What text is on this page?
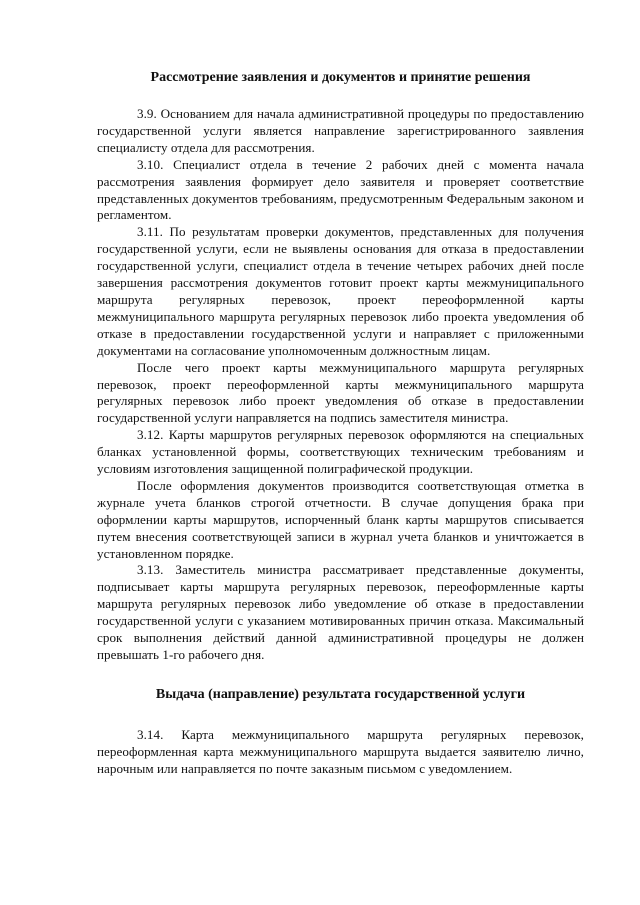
Рассмотрение заявления и документов и принятие решения

3.9. Основанием для начала административной процедуры по предоставлению государственной услуги является направление зарегистрированного заявления специалисту отдела для рассмотрения.

3.10. Специалист отдела в течение 2 рабочих дней с момента начала рассмотрения заявления формирует дело заявителя и проверяет соответствие представленных документов требованиям, предусмотренным Федеральным законом и регламентом.

3.11. По результатам проверки документов, представленных для получения государственной услуги, если не выявлены основания для отказа в предоставлении государственной услуги, специалист отдела в течение четырех рабочих дней после завершения рассмотрения документов готовит проект карты межмуниципального маршрута регулярных перевозок, проект переоформленной карты межмуниципального маршрута регулярных перевозок либо проекта уведомления об отказе в предоставлении государственной услуги и направляет с приложенными документами на согласование уполномоченным должностным лицам.

После чего проект карты межмуниципального маршрута регулярных перевозок, проект переоформленной карты межмуниципального маршрута регулярных перевозок либо проект уведомления об отказе в предоставлении государственной услуги направляется на подпись заместителя министра.

3.12. Карты маршрутов регулярных перевозок оформляются на специальных бланках установленной формы, соответствующих техническим требованиям и условиям изготовления защищенной полиграфической продукции.

После оформления документов производится соответствующая отметка в журнале учета бланков строгой отчетности. В случае допущения брака при оформлении карты маршрутов, испорченный бланк карты маршрутов списывается путем внесения соответствующей записи в журнал учета бланков и уничтожается в установленном порядке.

3.13. Заместитель министра рассматривает представленные документы, подписывает карты маршрута регулярных перевозок, переоформленные карты маршрута регулярных перевозок либо уведомление об отказе в предоставлении государственной услуги с указанием мотивированных причин отказа. Максимальный срок выполнения действий данной административной процедуры не должен превышать 1-го рабочего дня.

Выдача (направление) результата государственной услуги

3.14. Карта межмуниципального маршрута регулярных перевозок, переоформленная карта межмуниципального маршрута выдается заявителю лично, нарочным или направляется по почте заказным письмом с уведомлением.
